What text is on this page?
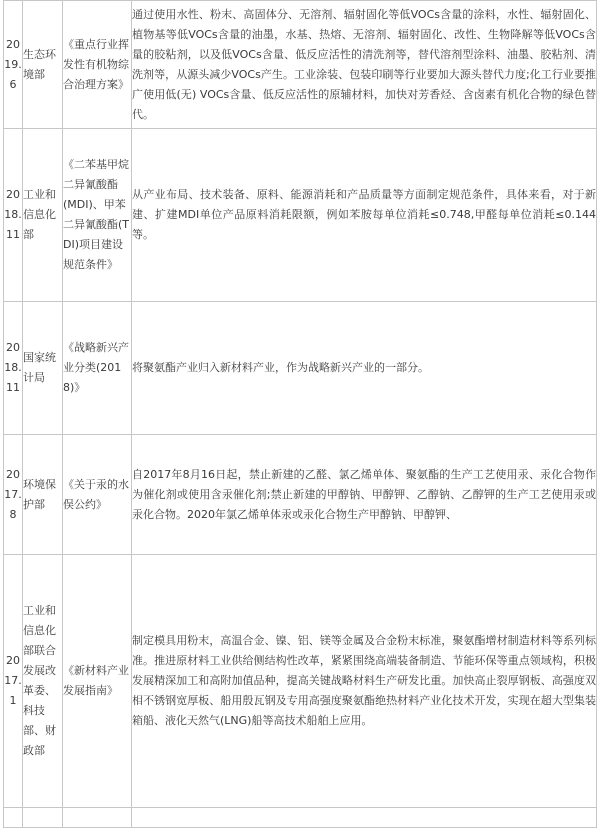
2019.6	生态环境部	《重点行业挥发性有机物综合治理方案》	通过使用水性、粉末、高固体分、无溶剂、辐射固化等低VOCs含量的涂料，水性、辐射固化、植物基等低VOCs含量的油墨，水基、热熔、无溶剂、辐射固化、改性、生物降解等低VOCs含量的胶粘剂，以及低VOCs含量、低反应活性的清洗剂等，替代溶剂型涂料、油墨、胶粘剂、清洗剂等，从源头减少VOCs产生。工业涂装、包装印刷等行业要加大源头替代力度;化工行业要推广使用低(无) VOCs含量、低反应活性的原辅材料，加快对芳香烃、含卤素有机化合物的绿色替代。
2018.11	工业和信息化部	《二苯基甲烷二异氰酸酯(MDI)、甲苯二异氰酸酯(TDI)项目建设规范条件》	从产业布局、技术装备、原料、能源消耗和产品质量等方面制定规范条件，具体来看，对于新建、扩建MDI单位产品原料消耗限额，例如苯胺每单位消耗≤0.748,甲醛每单位消耗≤0.144等。
2018.11	国家统计局	《战略新兴产业分类(2018)》	将聚氨酯产业归入新材料产业，作为战略新兴产业的一部分。
2017.8	环境保护部	《关于汞的水俣公约》	自2017年8月16日起，禁止新建的乙醛、氯乙烯单体、聚氨酯的生产工艺使用汞、汞化合物作为催化剂或使用含汞催化剂;禁止新建的甲醇钠、甲醇钾、乙醇钠、乙醇钾的生产工艺使用汞或汞化合物。2020年氯乙烯单体汞或汞化合物生产甲醇钠、甲醇钾、
2017.1	工业和信息化部联合发展改革委、科技部、财政部	《新材料产业发展指南》	制定模具用粉末，高温合金、镍、铝、镁等金属及合金粉末标准，聚氨酯增材制造材料等系列标准。推进原材料工业供给侧结构性改革，紧紧围绕高端装备制造、节能环保等重点领域构，积极发展精深加工和高附加值品种，提高关键战略材料生产研发比重。加快高止裂厚钢板、高强度双相不锈钢宽厚板、船用殷瓦钢及专用高强度聚氨酯绝热材料产业化技术开发，实现在超大型集装箱船、液化天然气(LNG)船等高技术船舶上应用。
